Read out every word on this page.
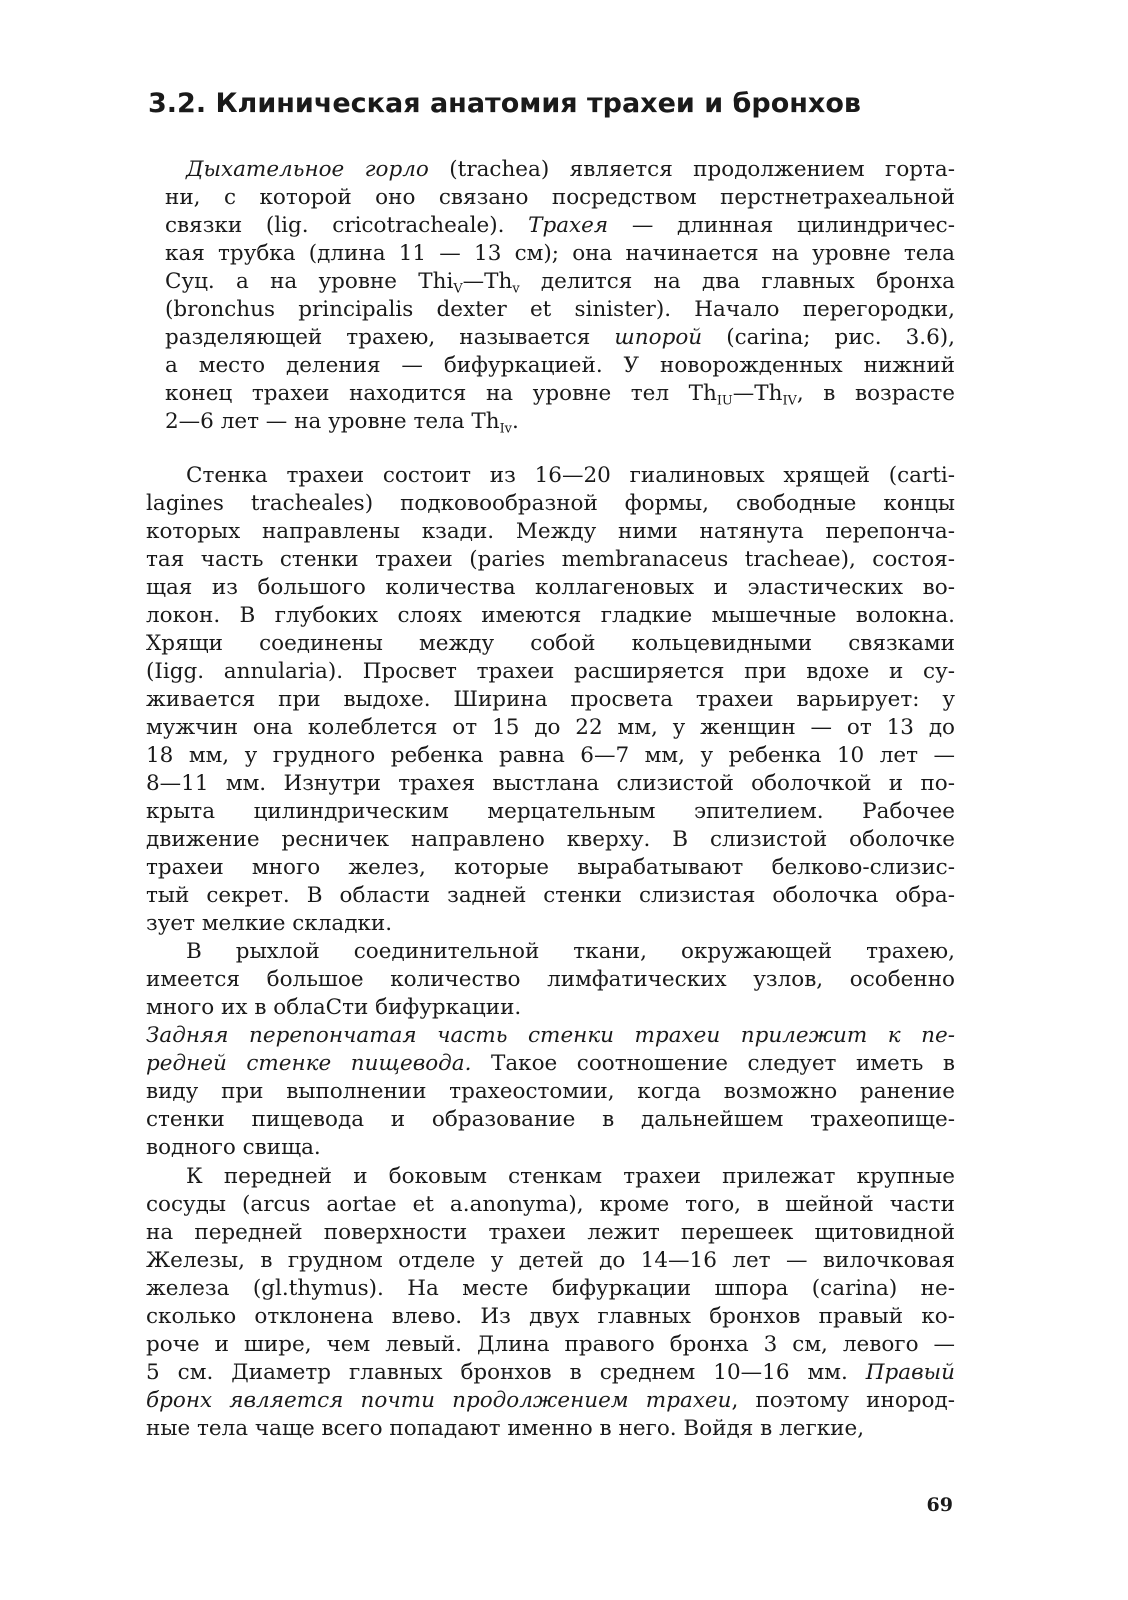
3.2. Клиническая анатомия трахеи и бронхов
Дыхательное горло (trachea) является продолжением горта-
ни, с которой оно связано посредством перстнетрахеальной
связки (lig. cricotracheale). Трахея — длинная цилиндричес-
кая трубка (длина 11 — 13 см); она начинается на уровне тела
Суц. а на уровне $Thi_V—Th_v$ делится на два главных бронха
(bronchus principalis dexter et sinister). Начало перегородки,
разделяющей трахею, называется шпорой (carina; рис. 3.6),
а место деления — бифуркацией. У новорожденных нижний
конец трахеи находится на уровне тел $Th_{IU}—Th_{IV}$, в возрасте
2—6 лет — на уровне тела $Th_{Iv}$.
Стенка трахеи состоит из 16—20 гиалиновых хрящей (carti-
lagines tracheales) подковообразной формы, свободные концы
которых направлены кзади. Между ними натянута перепонча-
тая часть стенки трахеи (paries membranaceus tracheae), состоя-
щая из большого количества коллагеновых и эластических во-
локон. В глубоких слоях имеются гладкие мышечные волокна.
Хрящи соединены между собой кольцевидными связками
(Iigg. annularia). Просвет трахеи расширяется при вдохе и су-
живается при выдохе. Ширина просвета трахеи варьирует: у
мужчин она колеблется от 15 до 22 мм, у женщин — от 13 до
18 мм, у грудного ребенка равна 6—7 мм, у ребенка 10 лет —
8—11 мм. Изнутри трахея выстлана слизистой оболочкой и по-
крыта цилиндрическим мерцательным эпителием. Рабочее
движение ресничек направлено кверху. В слизистой оболочке
трахеи много желез, которые вырабатывают белково-слизис-
тый секрет. В области задней стенки слизистая оболочка обра-
зует мелкие складки.
В рыхлой соединительной ткани, окружающей трахею,
имеется большое количество лимфатических узлов, особенно
много их в облаСти бифуркации.
Задняя перепончатая часть стенки трахеи прилежит к пе-
редней стенке пищевода. Такое соотношение следует иметь в
виду при выполнении трахеостомии, когда возможно ранение
стенки пищевода и образование в дальнейшем трахеопище-
водного свища.
К передней и боковым стенкам трахеи прилежат крупные
сосуды (arcus aortae et a.anonyma), кроме того, в шейной части
на передней поверхности трахеи лежит перешеек щитовидной
Железы, в грудном отделе у детей до 14—16 лет — вилочковая
железа (gl.thymus). На месте бифуркации шпора (carina) не-
сколько отклонена влево. Из двух главных бронхов правый ко-
роче и шире, чем левый. Длина правого бронха 3 см, левого —
5 см. Диаметр главных бронхов в среднем 10—16 мм. Правый
бронх является почти продолжением трахеи, поэтому инород-
ные тела чаще всего попадают именно в него. Войдя в легкие,
69
